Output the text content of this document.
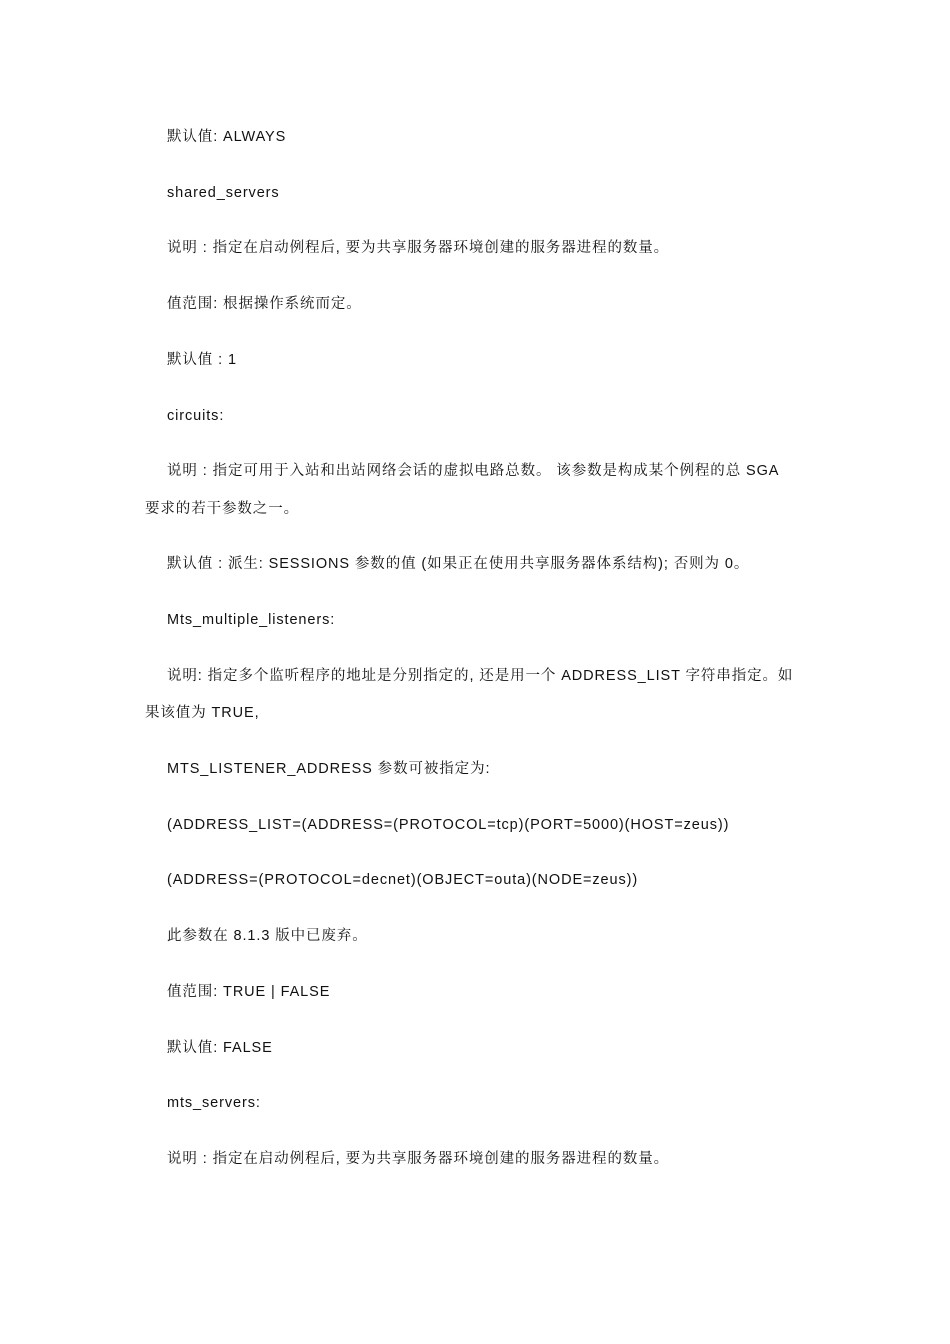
默认值: ALWAYS
shared_servers
说明 : 指定在启动例程后, 要为共享服务器环境创建的服务器进程的数量。
值范围: 根据操作系统而定。
默认值 : 1
circuits:
说明 : 指定可用于入站和出站网络会话的虚拟电路总数。 该参数是构成某个例程的总 SGA
要求的若干参数之一。
默认值 : 派生: SESSIONS 参数的值 (如果正在使用共享服务器体系结构); 否则为 0。
Mts_multiple_listeners:
说明: 指定多个监听程序的地址是分别指定的, 还是用一个 ADDRESS_LIST 字符串指定。如
果该值为 TRUE,
MTS_LISTENER_ADDRESS 参数可被指定为:
(ADDRESS_LIST=(ADDRESS=(PROTOCOL=tcp)(PORT=5000)(HOST=zeus))
(ADDRESS=(PROTOCOL=decnet)(OBJECT=outa)(NODE=zeus))
此参数在 8.1.3 版中已废弃。
值范围: TRUE | FALSE
默认值: FALSE
mts_servers:
说明 : 指定在启动例程后, 要为共享服务器环境创建的服务器进程的数量。
